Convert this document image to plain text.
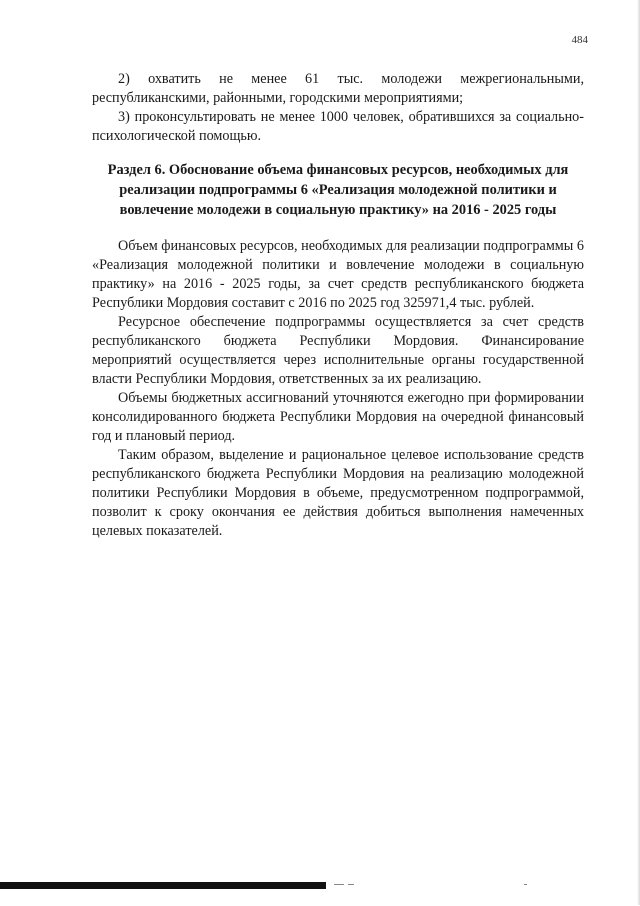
484

2) охватить не менее 61 тыс. молодежи межрегиональными, республиканскими, районными, городскими мероприятиями;

3) проконсультировать не менее 1000 человек, обратившихся за социально-психологической помощью.

Раздел 6. Обоснование объема финансовых ресурсов, необходимых для реализации подпрограммы 6 «Реализация молодежной политики и вовлечение молодежи в социальную практику» на 2016 - 2025 годы

Объем финансовых ресурсов, необходимых для реализации подпрограммы 6 «Реализация молодежной политики и вовлечение молодежи в социальную практику» на 2016 - 2025 годы, за счет средств республиканского бюджета Республики Мордовия составит с 2016 по 2025 год 325971,4 тыс. рублей.

Ресурсное обеспечение подпрограммы осуществляется за счет средств республиканского бюджета Республики Мордовия. Финансирование мероприятий осуществляется через исполнительные органы государственной власти Республики Мордовия, ответственных за их реализацию.

Объемы бюджетных ассигнований уточняются ежегодно при формировании консолидированного бюджета Республики Мордовия на очередной финансовый год и плановый период.

Таким образом, выделение и рациональное целевое использование средств республиканского бюджета Республики Мордовия на реализацию молодежной политики Республики Мордовия в объеме, предусмотренном подпрограммой, позволит к сроку окончания ее действия добиться выполнения намеченных целевых показателей.
